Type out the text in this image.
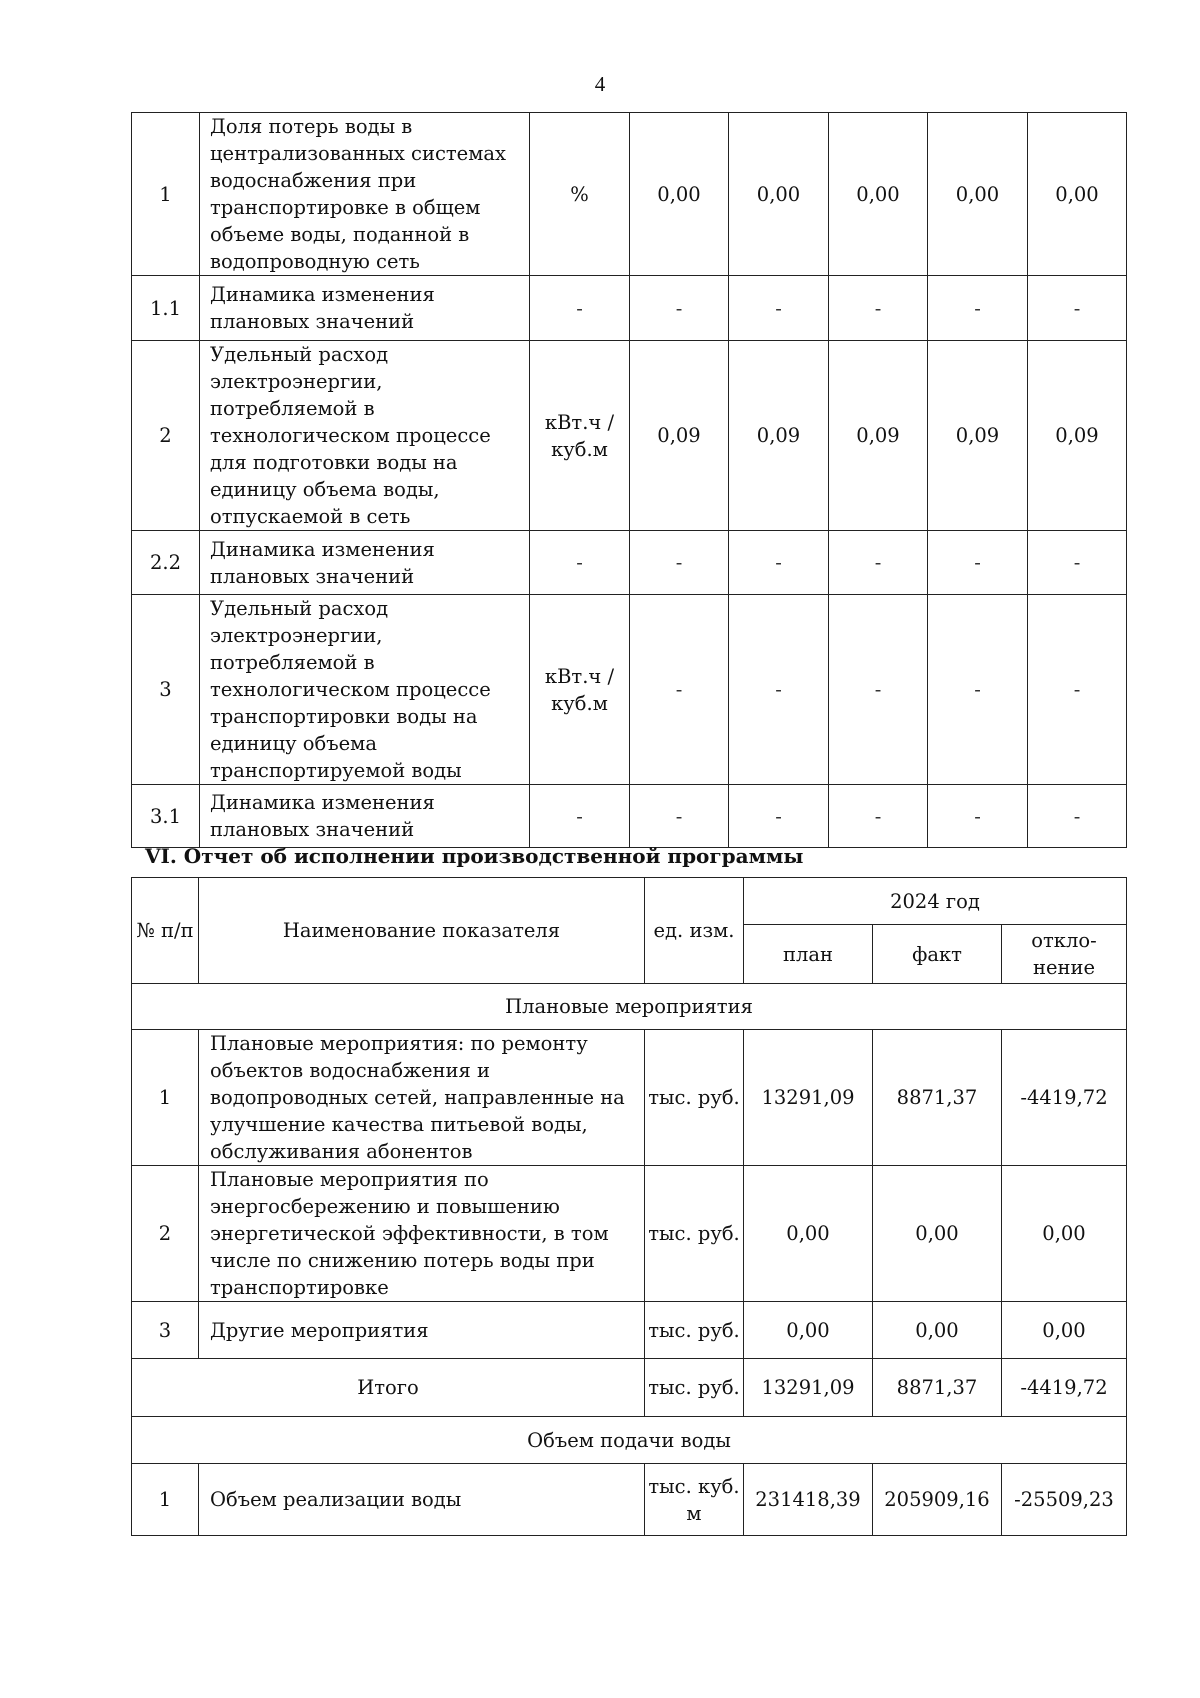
4
1	Доля потерь воды в централизованных системах водоснабжения при транспортировке в общем объеме воды, поданной в водопроводную сеть	%	0,00	0,00	0,00	0,00	0,00
1.1	Динамика изменения плановых значений	-	-	-	-	-	-
2	Удельный расход электроэнергии, потребляемой в технологическом процессе для подготовки воды на единицу объема воды, отпускаемой в сеть	кВт.ч / куб.м	0,09	0,09	0,09	0,09	0,09
2.2	Динамика изменения плановых значений	-	-	-	-	-	-
3	Удельный расход электроэнергии, потребляемой в технологическом процессе транспортировки воды на единицу объема транспортируемой воды	кВт.ч / куб.м	-	-	-	-	-
3.1	Динамика изменения плановых значений	-	-	-	-	-	-
VI. Отчет об исполнении производственной программы
№ п/п	Наименование показателя	ед. изм.	2024 год		
			план	факт	откло-нение
Плановые мероприятия					
1	Плановые мероприятия: по ремонту объектов водоснабжения и водопроводных сетей, направленные на улучшение качества питьевой воды, обслуживания абонентов	тыс. руб.	13291,09	8871,37	-4419,72
2	Плановые мероприятия по энергосбережению и повышению энергетической эффективности, в том числе по снижению потерь воды при транспортировке	тыс. руб.	0,00	0,00	0,00
3	Другие мероприятия	тыс. руб.	0,00	0,00	0,00
Итого		тыс. руб.	13291,09	8871,37	-4419,72
Объем подачи воды					
1	Объем реализации воды	тыс. куб. м	231418,39	205909,16	-25509,23
